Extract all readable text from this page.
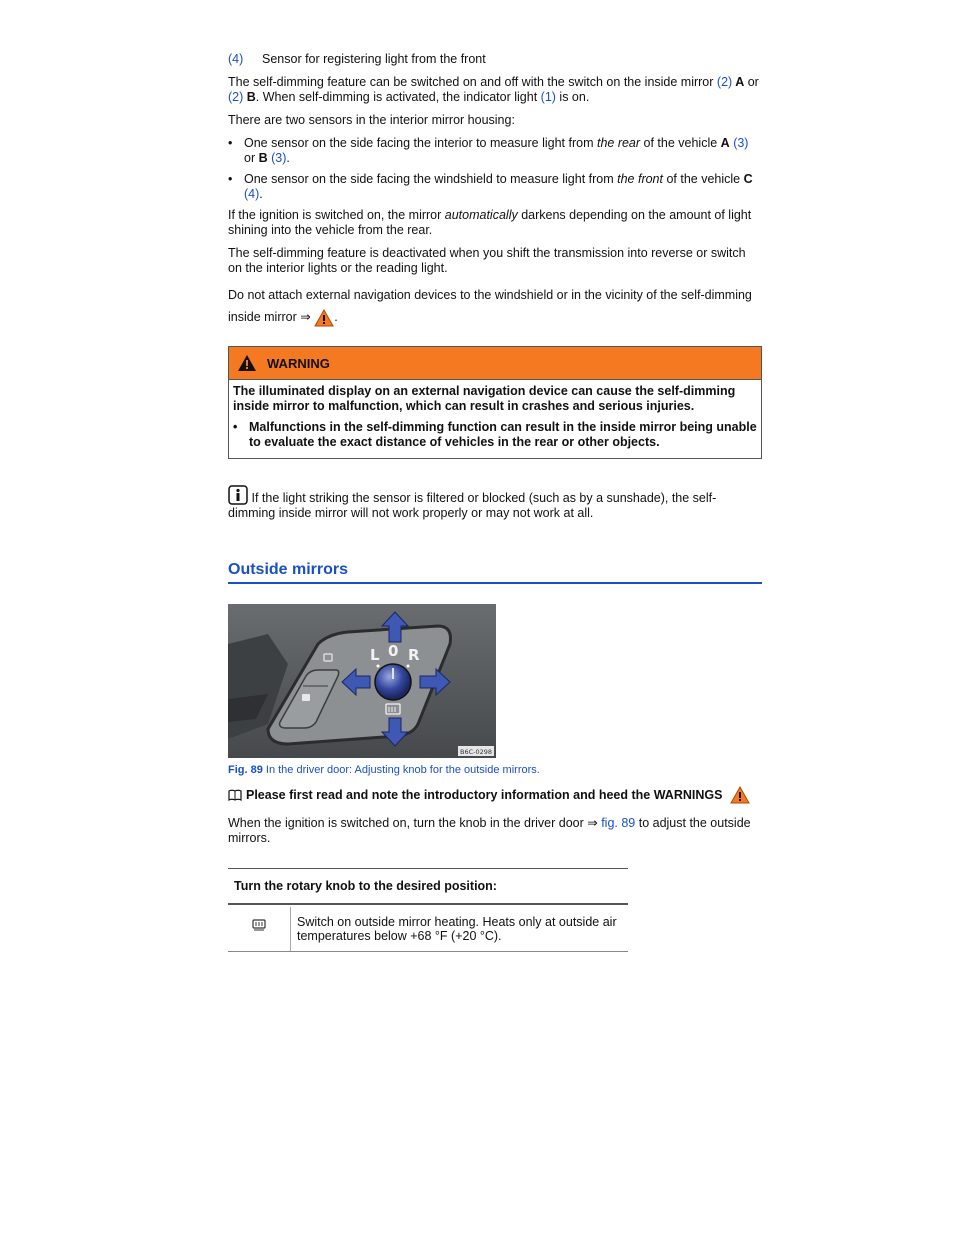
(4)	Sensor for registering light from the front

The self-dimming feature can be switched on and off with the switch on the inside mirror (2) A or (2) B. When self-dimming is activated, the indicator light (1) is on.

There are two sensors in the interior mirror housing:

• One sensor on the side facing the interior to measure light from the rear of the vehicle A (3) or B (3).
• One sensor on the side facing the windshield to measure light from the front of the vehicle C (4).

If the ignition is switched on, the mirror automatically darkens depending on the amount of light shining into the vehicle from the rear.

The self-dimming feature is deactivated when you shift the transmission into reverse or switch on the interior lights or the reading light.

Do not attach external navigation devices to the windshield or in the vicinity of the self-dimming inside mirror ⇒ .

WARNING

The illuminated display on an external navigation device can cause the self-dimming inside mirror to malfunction, which can result in crashes and serious injuries.

• Malfunctions in the self-dimming function can result in the inside mirror being unable to evaluate the exact distance of vehicles in the rear or other objects.
If the light striking the sensor is filtered or blocked (such as by a sunshade), the self-dimming inside mirror will not work properly or may not work at all.
Outside mirrors
L 0 R
B6C-0298
Fig. 89 In the driver door: Adjusting knob for the outside mirrors.
Please first read and note the introductory information and heed the WARNINGS

When the ignition is switched on, turn the knob in the driver door ⇒ fig. 89 to adjust the outside mirrors.

Turn the rotary knob to the desired position:
Switch on outside mirror heating. Heats only at outside air temperatures below +68 °F (+20 °C).
